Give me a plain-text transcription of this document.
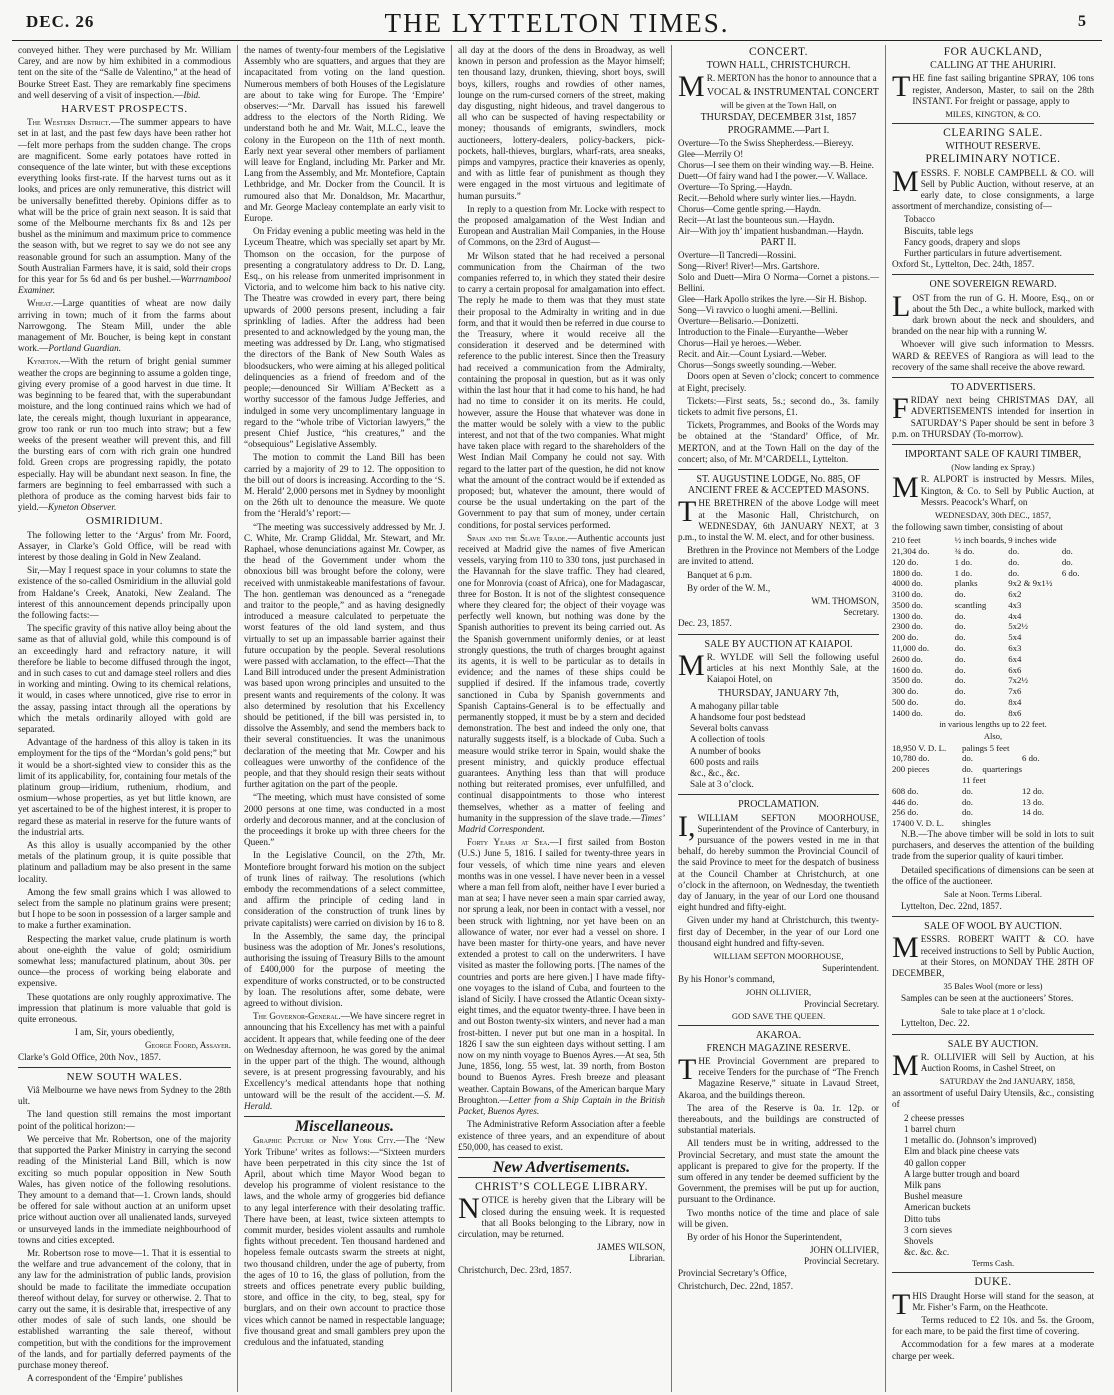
DEC. 26	THE LYTTELTON TIMES.	5

conveyed hither. They were purchased by Mr. William Carey, and are now by him exhibited in a commodious tent on the site of the “Salle de Valentino,” at the head of Bourke Street East. They are remarkably fine specimens and well deserving of a visit of inspection.—Ibid.

HARVEST PROSPECTS.

The Western District.—The summer appears to have set in at last, and the past few days have been rather hot—felt more perhaps from the sudden change. The crops are magnificent. Some early potatoes have rotted in consequence of the late winter, but with these exceptions everything looks first-rate. If the harvest turns out as it looks, and prices are only remunerative, this district will be universally benefitted thereby. Opinions differ as to what will be the price of grain next season. It is said that some of the Melbourne merchants fix 8s and 12s per bushel as the minimum and maximum price to commence the season with, but we regret to say we do not see any reasonable ground for such an assumption. Many of the South Australian Farmers have, it is said, sold their crops for this year for 5s 6d and 6s per bushel.—Warrnambool Examiner.

Wheat.—Large quantities of wheat are now daily arriving in town; much of it from the farms about Narrowgong. The Steam Mill, under the able management of Mr. Boucher, is being kept in constant work.—Portland Guardian.

Kyneton.—With the return of bright genial summer weather the crops are beginning to assume a golden tinge, giving every promise of a good harvest in due time. It was beginning to be feared that, with the superabundant moisture, and the long continued rains which we had of late, the cereals might, though luxuriant in appearance, grow too rank or run too much into straw; but a few weeks of the present weather will prevent this, and fill the bursting ears of corn with rich grain one hundred fold. Green crops are progressing rapidly, the potato especially. Hay will be abundant next season. In fine, the farmers are beginning to feel embarrassed with such a plethora of produce as the coming harvest bids fair to yield.—Kyneton Observer.

OSMIRIDIUM.

The following letter to the ‘Argus’ from Mr. Foord, Assayer, in Clarke’s Gold Office, will be read with interest by those dealing in Gold in New Zealand.

Sir,—May I request space in your columns to state the existence of the so-called Osmiridium in the alluvial gold from Haldane’s Creek, Anatoki, New Zealand. The interest of this announcement depends principally upon the following facts:—

The specific gravity of this native alloy being about the same as that of alluvial gold, while this compound is of an exceedingly hard and refractory nature, it will therefore be liable to become diffused through the ingot, and in such cases to cut and damage steel rollers and dies in working and minting. Owing to its chemical relations, it would, in cases where unnoticed, give rise to error in the assay, passing intact through all the operations by which the metals ordinarily alloyed with gold are separated.

Advantage of the hardness of this alloy is taken in its employment for the tips of the “Mordan’s gold pens;” but it would be a short-sighted view to consider this as the limit of its applicability, for, containing four metals of the platinum group—iridium, ruthenium, rhodium, and osmium—whose properties, as yet but little known, are yet ascertained to be of the highest interest, it is proper to regard these as material in reserve for the future wants of the industrial arts.

As this alloy is usually accompanied by the other metals of the platinum group, it is quite possible that platinum and palladium may be also present in the same locality.

Among the few small grains which I was allowed to select from the sample no platinum grains were present; but I hope to be soon in possession of a larger sample and to make a further examination.

Respecting the market value, crude platinum is worth about one-eighth the value of gold; osmiridium somewhat less; manufactured platinum, about 30s. per ounce—the process of working being elaborate and expensive.

These quotations are only roughly approximative. The impression that platinum is more valuable that gold is quite erroneous.

I am, Sir, yours obediently,

George Foord, Assayer.

Clarke’s Gold Office, 20th Nov., 1857.

NEW SOUTH WALES.

Viâ Melbourne we have news from Sydney to the 28th ult.

The land question still remains the most important point of the political horizon:—

We perceive that Mr. Robertson, one of the majority that supported the Parker Ministry in carrying the second reading of the Ministerial Land Bill, which is now exciting so much popular opposition in New South Wales, has given notice of the following resolutions. They amount to a demand that—1. Crown lands, should be offered for sale without auction at an uniform upset price without auction over all unalienated lands, surveyed or unsurveyed lands in the immediate neighbourhood of towns and cities excepted.

Mr. Robertson rose to move—1. That it is essential to the welfare and true advancement of the colony, that in any law for the administration of public lands, provision should be made to facilitate the immediate occupation thereof without delay, for survey or otherwise. 2. That to carry out the same, it is desirable that, irrespective of any other modes of sale of such lands, one should be established warranting the sale thereof, without competition, but with the conditions for the improvement of the lands, and for partially deferred payments of the purchase money thereof.

A correspondent of the ‘Empire’ publishes

the names of twenty-four members of the Legislative Assembly who are squatters, and argues that they are incapacitated from voting on the land question. Numerous members of both Houses of the Legislature are about to take wing for Europe. The ‘Empire’ observes:—“Mr. Darvall has issued his farewell address to the electors of the North Riding. We understand both he and Mr. Wait, M.L.C., leave the colony in the Europeon on the 11th of next month. Early next year several other members of parliament will leave for England, including Mr. Parker and Mr. Lang from the Assembly, and Mr. Montefiore, Captain Lethbridge, and Mr. Docker from the Council. It is rumoured also that Mr. Donaldson, Mr. Macarthur, and Mr. George Macleay contemplate an early visit to Europe.

On Friday evening a public meeting was held in the Lyceum Theatre, which was specially set apart by Mr. Thomson on the occasion, for the purpose of presenting a congratulatory address to Dr. D. Lang, Esq., on his release from unmerited imprisonment in Victoria, and to welcome him back to his native city. The Theatre was crowded in every part, there being upwards of 2000 persons present, including a fair sprinkling of ladies. After the address had been presented to and acknowledged by the young man, the meeting was addressed by Dr. Lang, who stigmatised the directors of the Bank of New South Wales as bloodsuckers, who were aiming at his alleged political delinquencies as a friend of freedom and of the people;—denounced Sir William A’Beckett as a worthy successor of the famous Judge Jefferies, and indulged in some very uncomplimentary language in regard to the “whole tribe of Victorian lawyers,” the present Chief Justice, “his creatures,” and the “obsequious” Legislative Assembly.

The motion to commit the Land Bill has been carried by a majority of 29 to 12. The opposition to the bill out of doors is increasing. According to the ‘S. M. Herald’ 2,000 persons met in Sydney by moonlight on the 26th ult to denounce the measure. We quote from the ‘Herald’s’ report:—

“The meeting was successively addressed by Mr. J. C. White, Mr. Cramp Gliddal, Mr. Stewart, and Mr. Raphael, whose denunciations against Mr. Cowper, as the head of the Government under whom the obnoxious bill was brought before the colony, were received with unmistakeable manifestations of favour. The hon. gentleman was denounced as a “renegade and traitor to the people,” and as having designedly introduced a measure calculated to perpetuate the worst features of the old land system, and thus virtually to set up an impassable barrier against their future occupation by the people. Several resolutions were passed with acclamation, to the effect—That the Land Bill introduced under the present Administration was based upon wrong principles and unsuited to the present wants and requirements of the colony. It was also determined by resolution that his Excellency should be petitioned, if the bill was persisted in, to dissolve the Assembly, and send the members back to their several constituencies. It was the unanimous declaration of the meeting that Mr. Cowper and his colleagues were unworthy of the confidence of the people, and that they should resign their seats without further agitation on the part of the people.

“The meeting, which must have consisted of some 2000 persons at one time, was conducted in a most orderly and decorous manner, and at the conclusion of the proceedings it broke up with three cheers for the Queen.”

In the Legislative Council, on the 27th, Mr. Montefiore brought forward his motion on the subject of trunk lines of railway. The resolutions (which embody the recommendations of a select committee, and affirm the principle of ceding land in consideration of the construction of trunk lines by private capitalists) were carried on division by 16 to 8.

In the Assembly, the same day, the principal business was the adoption of Mr. Jones’s resolutions, authorising the issuing of Treasury Bills to the amount of £400,000 for the purpose of meeting the expenditure of works constructed, or to be constructed by loan. The resolutions after, some debate, were agreed to without division.

The Governor-General.—We have sincere regret in announcing that his Excellency has met with a painful accident. It appears that, while feeding one of the deer on Wednesday afternoon, he was gored by the animal in the upper part of the thigh. The wound, although severe, is at present progressing favourably, and his Excellency’s medical attendants hope that nothing untoward will be the result of the accident.—S. M. Herald.

Miscellaneous.

Graphic Picture of New York City.—The ‘New York Tribune’ writes as follows:—“Sixteen murders have been perpetrated in this city since the 1st of April, about which time Mayor Wood began to develop his programme of violent resistance to the laws, and the whole army of groggeries bid defiance to any legal interference with their desolating traffic. There have been, at least, twice sixteen attempts to commit murder, besides violent assaults and rumhole fights without precedent. Ten thousand hardened and hopeless female outcasts swarm the streets at night, two thousand children, under the age of puberty, from the ages of 10 to 16, the glass of pollution, from the streets and offices penetrate every public building, store, and office in the city, to beg, steal, spy for burglars, and on their own account to practice those vices which cannot be named in respectable language; five thousand great and small gamblers prey upon the credulous and the infatuated, standing

all day at the doors of the dens in Broadway, as well known in person and profession as the Mayor himself; ten thousand lazy, drunken, thieving, short boys, swill boys, killers, roughs and rowdies of other names, lounge on the rum-cursed corners of the street, making day disgusting, night hideous, and travel dangerous to all who can be suspected of having respectability or money; thousands of emigrants, swindlers, mock auctioneers, lottery-dealers, policy-backers, pick-pockets, hall-thieves, burglars, wharf-rats, area sneaks, pimps and vampyres, practice their knaveries as openly, and with as little fear of punishment as though they were engaged in the most virtuous and legitimate of human pursuits.”

In reply to a question from Mr. Locke with respect to the proposed amalgamation of the West Indian and European and Australian Mail Companies, in the House of Commons, on the 23rd of August—

Mr Wilson stated that he had received a personal communication from the Chairman of the two companies referred to, in which they stated their desire to carry a certain proposal for amalgamation into effect. The reply he made to them was that they must state their proposal to the Admiralty in writing and in due form, and that it would then be referred in due course to the Treasury, where it would receive all the consideration it deserved and be determined with reference to the public interest. Since then the Treasury had received a communication from the Admiralty, containing the proposal in question, but as it was only within the last hour that it had come to his hand, he had had no time to consider it on its merits. He could, however, assure the House that whatever was done in the matter would be solely with a view to the public interest, and not that of the two companies. What might have taken place with regard to the shareholders of the West Indian Mail Company he could not say. With regard to the latter part of the question, he did not know what the amount of the contract would be if extended as proposed; but, whatever the amount, there would of course be the usual undertaking on the part of the Government to pay that sum of money, under certain conditions, for postal services performed.

Spain and the Slave Trade.—Authentic accounts just received at Madrid give the names of five American vessels, varying from 110 to 330 tons, just purchased in the Havannah for the slave traffic. They had cleared, one for Monrovia (coast of Africa), one for Madagascar, three for Boston. It is not of the slightest consequence where they cleared for; the object of their voyage was perfectly well known, but nothing was done by the Spanish authorities to prevent its being carried out. As the Spanish government uniformly denies, or at least strongly questions, the truth of charges brought against its agents, it is well to be particular as to details in evidence; and the names of these ships could be supplied if desired. If the infamous trade, covertly sanctioned in Cuba by Spanish governments and Spanish Captains-General is to be effectually and permanently stopped, it must be by a stern and decided demonstration. The best and indeed the only one, that naturally suggests itself, is a blockade of Cuba. Such a measure would strike terror in Spain, would shake the present ministry, and quickly produce effectual guarantees. Anything less than that will produce nothing but reiterated promises, ever unfulfilled, and continual disappointments to those who interest themselves, whether as a matter of feeling and humanity in the suppression of the slave trade.—Times’ Madrid Correspondent.

Forty Years at Sea.—I first sailed from Boston (U.S.) June 5, 1816. I sailed for twenty-three years in four vessels, of which time nine years and eleven months was in one vessel. I have never been in a vessel where a man fell from aloft, neither have I ever buried a man at sea; I have never seen a main spar carried away, nor sprung a leak, nor been in contact with a vessel, nor been struck with lightning, nor yet have been on an allowance of water, nor ever had a vessel on shore. I have been master for thirty-one years, and have never extended a protest to call on the underwriters. I have visited as master the following ports. [The names of the countries and ports are here given.] I have made fifty-one voyages to the island of Cuba, and fourteen to the island of Sicily. I have crossed the Atlantic Ocean sixty-eight times, and the equator twenty-three. I have been in and out Boston twenty-six winters, and never had a man frost-bitten. I never put but one man in a hospital. In 1826 I saw the sun eighteen days without setting. I am now on my ninth voyage to Buenos Ayres.—At sea, 5th June, 1856, long. 55 west, lat. 39 north, from Boston bound to Buenos Ayres. Fresh breeze and pleasant weather. Captain Bowans, of the American barque Mary Broughton.—Letter from a Ship Captain in the British Packet, Buenos Ayres.

The Administrative Reform Association after a feeble existence of three years, and an expenditure of about £50,000, has ceased to exist.

New Advertisements.
CHRIST’S COLLEGE LIBRARY.

NOTICE is hereby given that the Library will be closed during the ensuing week. It is requested that all Books belonging to the Library, now in circulation, may be returned.

JAMES WILSON,
Librarian.

Christchurch, Dec. 23rd, 1857.

CONCERT.
TOWN HALL, CHRISTCHURCH.

M R. MERTON has the honor to announce that a

VOCAL & INSTRUMENTAL CONCERT
will be given at the Town Hall, on
THURSDAY, DECEMBER 31st, 1857
PROGRAMME.—Part I.
Overture—To the Swiss Shepherdess.—Biereyy.
Glee—Merrily O!
Chorus—I see them on their winding way.—B. Heine.
Duett—Of fairy wand had I the power.—V. Wallace.
Overture—To Spring.—Haydn.
Recit.—Behold where surly winter lies.—Haydn.
Chorus—Come gentle spring.—Haydn.
Recit—At last the bounteous sun.—Haydn.
Air—With joy th’ impatient husbandman.—Haydn.
PART II.
Overture—Il Tancredi—Rossini.
Song—River! River!—Mrs. Gartshore.
Solo and Duett—Mira O Norma—Cornet a pistons.—Bellini.
Glee—Hark Apollo strikes the lyre.—Sir H. Bishop.
Song—Vi ravvico o luoghi ameni.—Bellini.
Overture—Belisario.—Donizetti.
Introduction to the Finale—Euryanthe—Weber
Chorus—Hail ye heroes.—Weber.
Recit. and Air.—Count Lysiard.—Weber.
Chorus—Songs sweetly sounding.—Weber.

Doors open at Seven o’clock; concert to commence at Eight, precisely.

Tickets:—First seats, 5s.; second do., 3s. family tickets to admit five persons, £1.

Tickets, Programmes, and Books of the Words may be obtained at the ‘Standard’ Office, of Mr. MERTON, and at the Town Hall on the day of the concert; also, of Mr. M’CARDELL, Lyttelton.

ST. AUGUSTINE LODGE, No. 885, OF ANCIENT FREE & ACCEPTED MASONS.

THE BRETHREN of the above Lodge will meet at the Masonic Hall, Christchurch, on WEDNESDAY, 6th JANUARY NEXT, at 3 p.m., to instal the W. M. elect, and for other business.

Brethren in the Province not Members of the Lodge are invited to attend.

Banquet at 6 p.m.

By order of the W. M.,

WM. THOMSON,
Secretary.

Dec. 23, 1857.

SALE BY AUCTION AT KAIAPOI.

M R. WYLDE will Sell the following useful articles at his next Monthly Sale, at the Kaiapoi Hotel, on

THURSDAY, JANUARY 7th,
A mahogany pillar table
A handsome four post bedstead
Several bolts canvass
A collection of tools
A number of books
600 posts and rails
&c., &c., &c.
Sale at 3 o’clock.
PROCLAMATION.

I, WILLIAM SEFTON MOORHOUSE, Superintendent of the Province of Canterbury, in pursuance of the powers vested in me in that behalf, do hereby summon the Provincial Council of the said Province to meet for the despatch of business at the Council Chamber at Christchurch, at one o’clock in the afternoon, on Wednesday, the twentieth day of January, in the year of our Lord one thousand eight hundred and fifty-eight.

Given under my hand at Christchurch, this twenty-first day of December, in the year of our Lord one thousand eight hundred and fifty-seven.

WILLIAM SEFTON MOORHOUSE,
Superintendent.

By his Honor’s command,

JOHN OLLIVIER,
Provincial Secretary.
GOD SAVE THE QUEEN.
AKAROA.
FRENCH MAGAZINE RESERVE.

THE Provincial Government are prepared to receive Tenders for the purchase of “The French Magazine Reserve,” situate in Lavaud Street, Akaroa, and the buildings thereon.

The area of the Reserve is 0a. 1r. 12p. or thereabouts, and the buildings are constructed of substantial materials.

All tenders must be in writing, addressed to the Provincial Secretary, and must state the amount the applicant is prepared to give for the property. If the sum offered in any tender be deemed sufficient by the Government, the premises will be put up for auction, pursuant to the Ordinance.

Two months notice of the time and place of sale will be given.

By order of his Honor the Superintendent,

JOHN OLLIVIER,
Provincial Secretary.

Provincial Secretary’s Office,

Christchurch, Dec. 22nd, 1857.

FOR AUCKLAND,
CALLING AT THE AHURIRI.

THE fine fast sailing brigantine SPRAY, 106 tons register, Anderson, Master, to sail on the 28th INSTANT. For freight or passage, apply to

MILES, KINGTON, & CO.
CLEARING SALE.
WITHOUT RESERVE.
PRELIMINARY NOTICE.

MESSRS. F. NOBLE CAMPBELL & CO. will Sell by Public Auction, without reserve, at an early date, to close consignments, a large assortment of merchandize, consisting of—

Tobacco
Biscuits, table legs
Fancy goods, drapery and slops
Further particulars in future advertisement.

Oxford St., Lyttelton, Dec. 24th, 1857.

ONE SOVEREIGN REWARD.

LOST from the run of G. H. Moore, Esq., on or about the 5th Dec., a white bullock, marked with dark brown about the neck and shoulders, and branded on the near hip with a running W.

Whoever will give such information to Messrs. WARD & REEVES of Rangiora as will lead to the recovery of the same shall receive the above reward.

TO ADVERTISERS.

FRIDAY next being CHRISTMAS DAY, all ADVERTISEMENTS intended for insertion in SATURDAY’S Paper should be sent in before 3 p.m. on THURSDAY (To-morrow).

IMPORTANT SALE OF KAURI TIMBER,
(Now landing ex Spray.)

M R. ALPORT is instructed by Messrs. Miles, Kington, & Co. to Sell by Public Auction, at Messrs. Peacock’s Wharf, on

WEDNESDAY, 30th DEC., 1857,

the following sawn timber, consisting of about

210 feet	½ inch boards, 9 inches wide
21,304 do.	¾ do.	do.	do.
120 do.	1 do.	do.	do.
1800 do.	1 do.	do.	6 do.
4000 do.	planks	9x2 & 9x1½
3100 do.	do.	6x2
3500 do.	scantling	4x3
1300 do.	do.	4x4
2300 do.	do.	5x2½
200 do.	do.	5x4
11,000 do.	do.	6x3
2600 do.	do.	6x4
1600 do.	do.	6x6
3500 do.	do.	7x2½
300 do.	do.	7x6
500 do.	do.	8x4
1400 do.	do.	8x6
in various lengths up to 22 feet.
Also,
18,950 V. D. L.	palings 5 feet
10,780 do.	do.	6 do.
200 pieces	do. quarterings 11 feet
608 do.	do.	12 do.
446 do.	do.	13 do.
256 do.	do.	14 do.
17400 V. D. L.	shingles

N.B.—The above timber will be sold in lots to suit purchasers, and deserves the attention of the building trade from the superior quality of kauri timber.

Detailed specifications of dimensions can be seen at the office of the auctioneer.

Sale at Noon. Terms Liberal.

Lyttelton, Dec. 22nd, 1857.

SALE OF WOOL BY AUCTION.

MESSRS. ROBERT WAITT & CO. have received instructions to Sell by Public Auction, at their Stores, on MONDAY THE 28TH OF DECEMBER,

35 Bales Wool (more or less)

Samples can be seen at the auctioneers’ Stores.

Sale to take place at 1 o’clock.

Lyttelton, Dec. 22.

SALE BY AUCTION.

M R. OLLIVIER will Sell by Auction, at his Auction Rooms, in Cashel Street, on

SATURDAY the 2nd JANUARY, 1858,

an assortment of useful Dairy Utensils, &c., consisting of

2 cheese presses
1 barrel churn
1 metallic do. (Johnson’s improved)
Elm and black pine cheese vats
40 gallon copper
A large butter trough and board
Milk pans
Bushel measure
American buckets
Ditto tubs
3 corn sieves
Shovels
&c. &c. &c.
Terms Cash.
DUKE.

THIS Draught Horse will stand for the season, at Mr. Fisher’s Farm, on the Heathcote.

Terms reduced to £2 10s. and 5s. the Groom, for each mare, to be paid the first time of covering.

Accommodation for a few mares at a moderate charge per week.
